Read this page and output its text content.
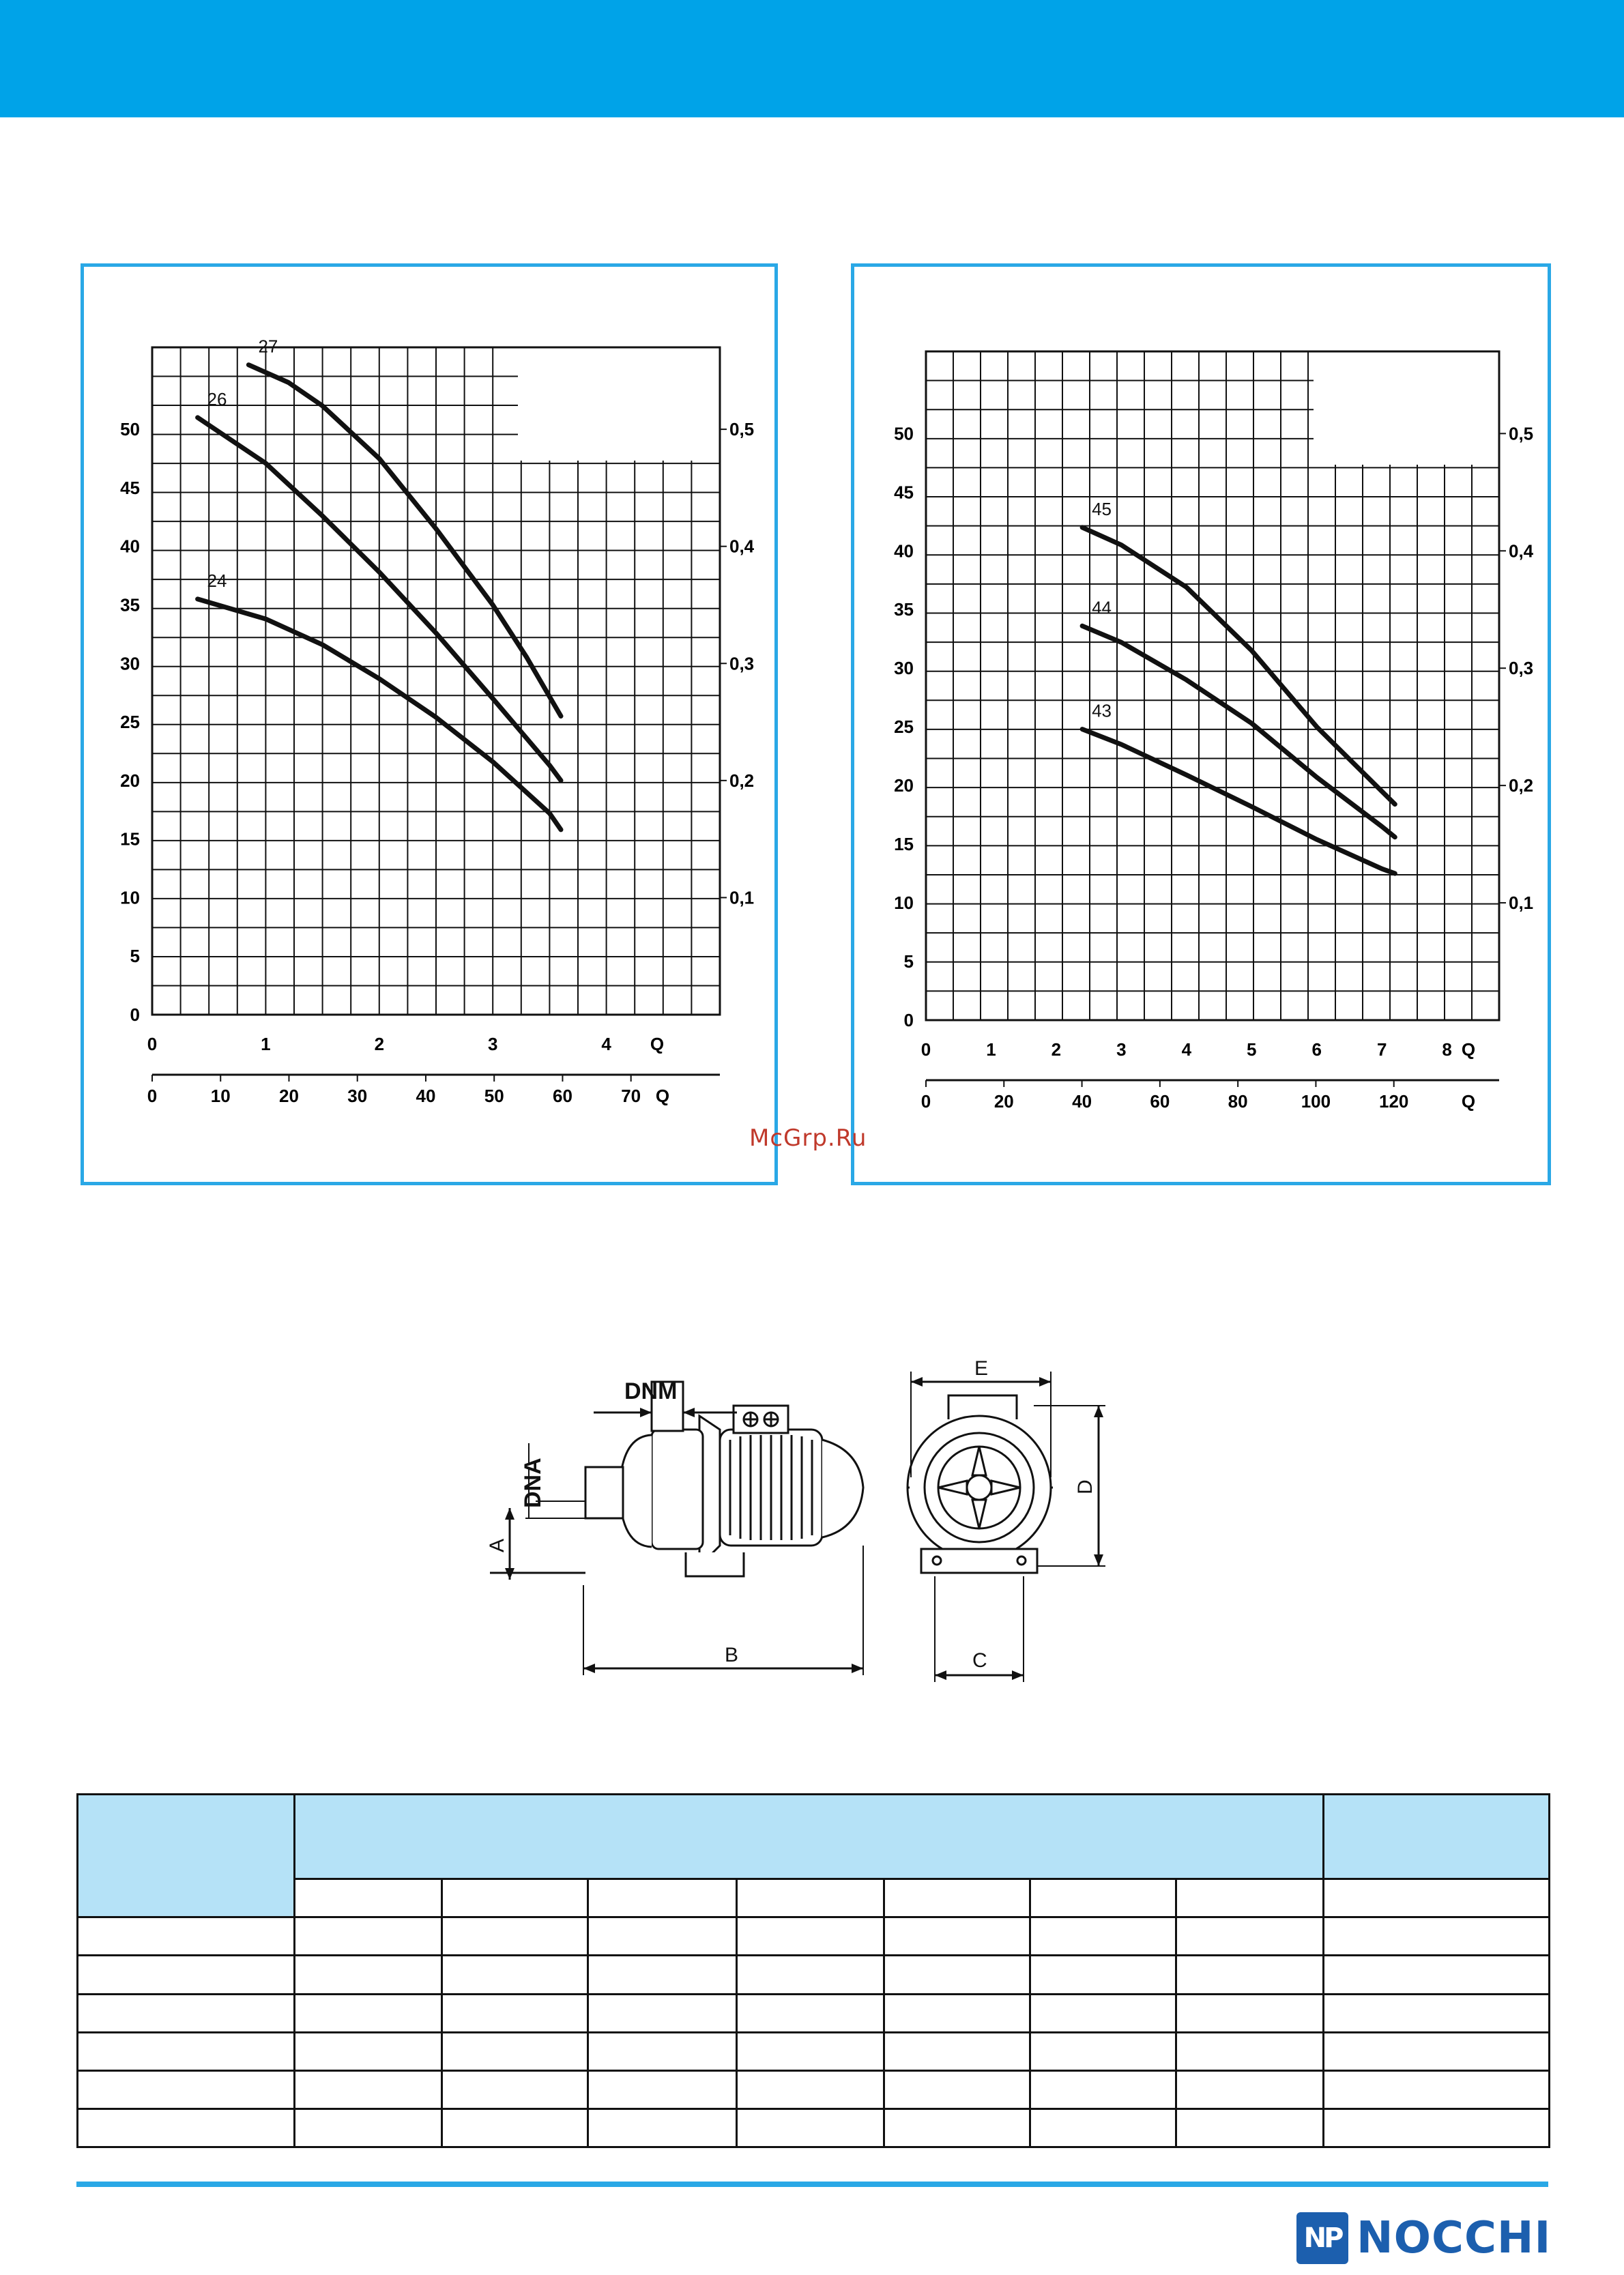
5
10
15
20
25
30
35
40
45
50
0
0,1
0,2
0,3
0,4
0,5
0	1	2	3	4 Q
0	10	20	30	40	50	60	70 Q
24
26
27
5
10
15
20
25
30
35
40
45
50
0
0,1
0,2
0,3
0,4
0,5
0	1	2	3	4	5	6	7	8 Q
0	20	40	60	80	100	120	Q
43
44
45
McGrp.Ru
DNM
DNA
A
B
E
D
C

NP NOCCHI
